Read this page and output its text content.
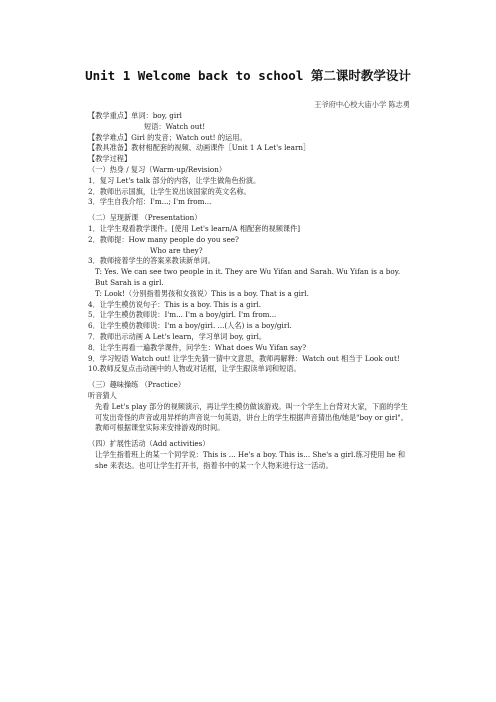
Unit 1 Welcome back to school 第二课时教学设计
王爷府中心校大庙小学 陈志勇
【教学重点】单词：boy, girl
短语：Watch out!
【教学难点】Girl 的发音；Watch out! 的运用。
【教具准备】教材相配套的视频、动画课件［Unit 1 A Let's learn］
【教学过程】
（一）热身 / 复习（Warm-up/Revision）
1．复习 Let's talk 部分的内容，让学生做角色扮演。
2．教师出示国旗，让学生说出该国家的英文名称。
3．学生自我介绍：I'm...; I'm from...
（二）呈现新课 （Presentation）
1．让学生观看教学课件。[使用 Let's learn/A 相配套的视频课件]
2．教师提：How many people do you see?
Who are they?
3．教师接着学生的答案来教读新单词。
T: Yes. We can see two people in it. They are Wu Yifan and Sarah. Wu Yifan is a boy. But Sarah is a girl.
T: Look!（分别指着男孩和女孩说）This is a boy. That is a girl.
4．让学生模仿说句子：This is a boy. This is a girl.
5．让学生模仿教师说：I'm... I'm a boy/girl. I'm from...
6．让学生模仿教师说：I'm a boy/girl. ...(人名) is a boy/girl.
7．教师出示动画 A Let's learn，学习单词 boy, girl。
8．让学生再看一遍教学课件，问学生：What does Wu Yifan say?
9．学习短语 Watch out! 让学生先猜一猜中文意思，教师再解释：Watch out 相当于 Look out!
10.教师反复点击动画中的人物或对话框，让学生跟读单词和短语。
（三）趣味操练 （Practice）
听音猜人
先看 Let's play 部分的视频演示，再让学生模仿做该游戏。叫一个学生上台背对大家，下面的学生可发出奇怪的声音或用异样的声音说一句英语，讲台上的学生根据声音猜出他/她是"boy or girl"。教师可根据课堂实际来安排游戏的时间。
（四）扩展性活动（Add activities）
让学生指着班上的某一个同学说：This is ... He's a boy. This is... She's a girl.练习使用 he 和 she 来表达。也可让学生打开书，指着书中的某一个人物来进行这一活动。
